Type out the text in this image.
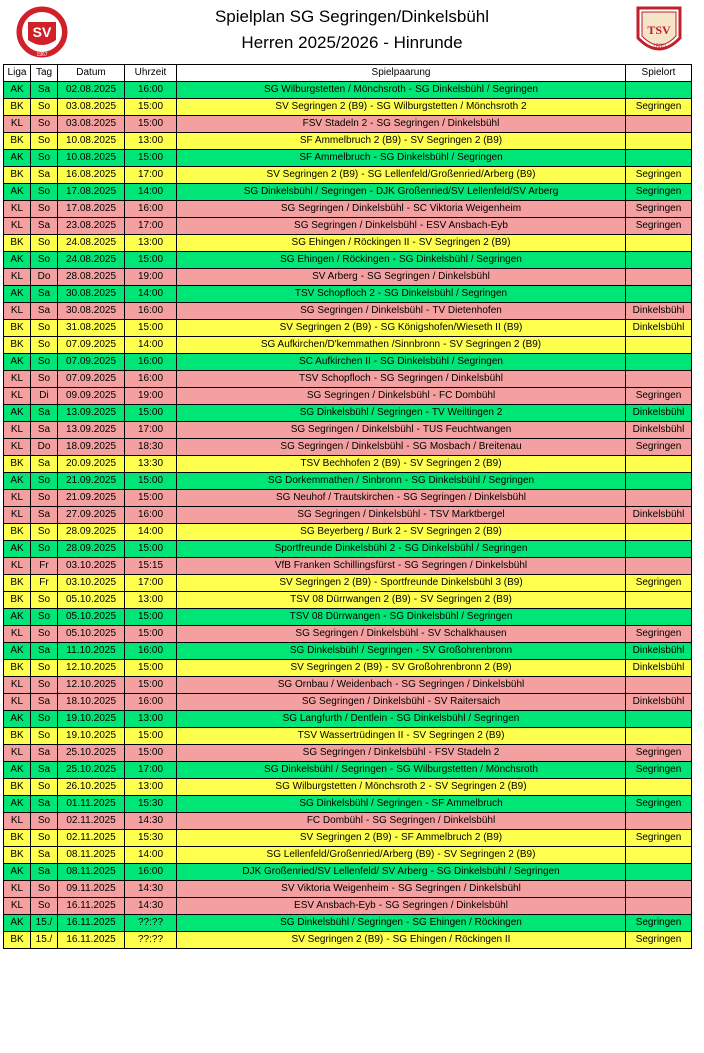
SV
1967
Spielplan SG Segringen/Dinkelsbühl
Herren 2025/2026 - Hinrunde
TSV
1860
Liga	Tag	Datum	Uhrzeit	Spielpaarung	Spielort
AK	Sa	02.08.2025	16:00	SG Wilburgstetten / Mönchsroth - SG Dinkelsbühl / Segringen	
BK	So	03.08.2025	15:00	SV Segringen 2 (B9) - SG Wilburgstetten / Mönchsroth 2	Segringen
KL	So	03.08.2025	15:00	FSV Stadeln 2 - SG Segringen / Dinkelsbühl	
BK	So	10.08.2025	13:00	SF Ammelbruch 2 (B9) - SV Segringen 2 (B9)	
AK	So	10.08.2025	15:00	SF Ammelbruch - SG Dinkelsbühl / Segringen	
BK	Sa	16.08.2025	17:00	SV Segringen 2 (B9) - SG Lellenfeld/Großenried/Arberg (B9)	Segringen
AK	So	17.08.2025	14:00	SG Dinkelsbühl / Segringen - DJK Großenried/SV Lellenfeld/SV Arberg	Segringen
KL	So	17.08.2025	16:00	SG Segringen / Dinkelsbühl - SC Viktoria Weigenheim	Segringen
KL	Sa	23.08.2025	17:00	SG Segringen / Dinkelsbühl - ESV Ansbach-Eyb	Segringen
BK	So	24.08.2025	13:00	SG Ehingen / Röckingen II - SV Segringen 2 (B9)	
AK	So	24.08.2025	15:00	SG Ehingen / Röckingen - SG Dinkelsbühl / Segringen	
KL	Do	28.08.2025	19:00	SV Arberg - SG Segringen / Dinkelsbühl	
AK	Sa	30.08.2025	14:00	TSV Schopfloch 2 - SG Dinkelsbühl / Segringen	
KL	Sa	30.08.2025	16:00	SG Segringen / Dinkelsbühl - TV Dietenhofen	Dinkelsbühl
BK	So	31.08.2025	15:00	SV Segringen 2 (B9) - SG Königshofen/Wieseth II (B9)	Dinkelsbühl
BK	So	07.09.2025	14:00	SG Aufkirchen/D'kemmathen /Sinnbronn - SV Segringen 2 (B9)	
AK	So	07.09.2025	16:00	SC Aufkirchen II - SG Dinkelsbühl / Segringen	
KL	So	07.09.2025	16:00	TSV Schopfloch - SG Segringen / Dinkelsbühl	
KL	Di	09.09.2025	19:00	SG Segringen / Dinkelsbühl - FC Dombühl	Segringen
AK	Sa	13.09.2025	15:00	SG Dinkelsbühl / Segringen - TV Weiltingen 2	Dinkelsbühl
KL	Sa	13.09.2025	17:00	SG Segringen / Dinkelsbühl - TUS Feuchtwangen	Dinkelsbühl
KL	Do	18.09.2025	18:30	SG Segringen / Dinkelsbühl - SG Mosbach / Breitenau	Segringen
BK	Sa	20.09.2025	13:30	TSV Bechhofen 2 (B9) - SV Segringen 2 (B9)	
AK	So	21.09.2025	15:00	SG Dorkemmathen / Sinbronn - SG Dinkelsbühl / Segringen	
KL	So	21.09.2025	15:00	SG Neuhof / Trautskirchen - SG Segringen / Dinkelsbühl	
KL	Sa	27.09.2025	16:00	SG Segringen / Dinkelsbühl - TSV Marktbergel	Dinkelsbühl
BK	So	28.09.2025	14:00	SG Beyerberg / Burk 2 - SV Segringen 2 (B9)	
AK	So	28.09.2025	15:00	Sportfreunde Dinkelsbühl 2 - SG Dinkelsbühl / Segringen	
KL	Fr	03.10.2025	15:15	VfB Franken Schillingsfürst - SG Segringen / Dinkelsbühl	
BK	Fr	03.10.2025	17:00	SV Segringen 2 (B9) - Sportfreunde Dinkelsbühl 3 (B9)	Segringen
BK	So	05.10.2025	13:00	TSV 08 Dürrwangen 2 (B9) - SV Segringen 2 (B9)	
AK	So	05.10.2025	15:00	TSV 08 Dürrwangen - SG Dinkelsbühl / Segringen	
KL	So	05.10.2025	15:00	SG Segringen / Dinkelsbühl - SV Schalkhausen	Segringen
AK	Sa	11.10.2025	16:00	SG Dinkelsbühl / Segringen - SV Großohrenbronn	Dinkelsbühl
BK	So	12.10.2025	15:00	SV Segringen 2 (B9) - SV Großohrenbronn 2 (B9)	Dinkelsbühl
KL	So	12.10.2025	15:00	SG Ornbau / Weidenbach - SG Segringen / Dinkelsbühl	
KL	Sa	18.10.2025	16:00	SG Segringen / Dinkelsbühl - SV Raitersaich	Dinkelsbühl
AK	So	19.10.2025	13:00	SG Langfurth / Dentlein - SG Dinkelsbühl / Segringen	
BK	So	19.10.2025	15:00	TSV Wassertrüdingen II - SV Segringen 2 (B9)	
KL	Sa	25.10.2025	15:00	SG Segringen / Dinkelsbühl - FSV Stadeln 2	Segringen
AK	Sa	25.10.2025	17:00	SG Dinkelsbühl / Segringen - SG Wilburgstetten / Mönchsroth	Segringen
BK	So	26.10.2025	13:00	SG Wilburgstetten / Mönchsroth 2 - SV Segringen 2 (B9)	
AK	Sa	01.11.2025	15:30	SG Dinkelsbühl / Segringen - SF Ammelbruch	Segringen
KL	So	02.11.2025	14:30	FC Dombühl - SG Segringen / Dinkelsbühl	
BK	So	02.11.2025	15:30	SV Segringen 2 (B9) - SF Ammelbruch 2 (B9)	Segringen
BK	Sa	08.11.2025	14:00	SG Lellenfeld/Großenried/Arberg (B9) - SV Segringen 2 (B9)	
AK	Sa	08.11.2025	16:00	DJK Großenried/SV Lellenfeld/ SV Arberg - SG Dinkelsbühl / Segringen	
KL	So	09.11.2025	14:30	SV Viktoria Weigenheim - SG Segringen / Dinkelsbühl	
KL	So	16.11.2025	14:30	ESV Ansbach-Eyb - SG Segringen / Dinkelsbühl	
AK	15./	16.11.2025	??:??	SG Dinkelsbühl / Segringen - SG Ehingen / Röckingen	Segringen
BK	15./	16.11.2025	??:??	SV Segringen 2 (B9) - SG Ehingen / Röckingen II	Segringen
